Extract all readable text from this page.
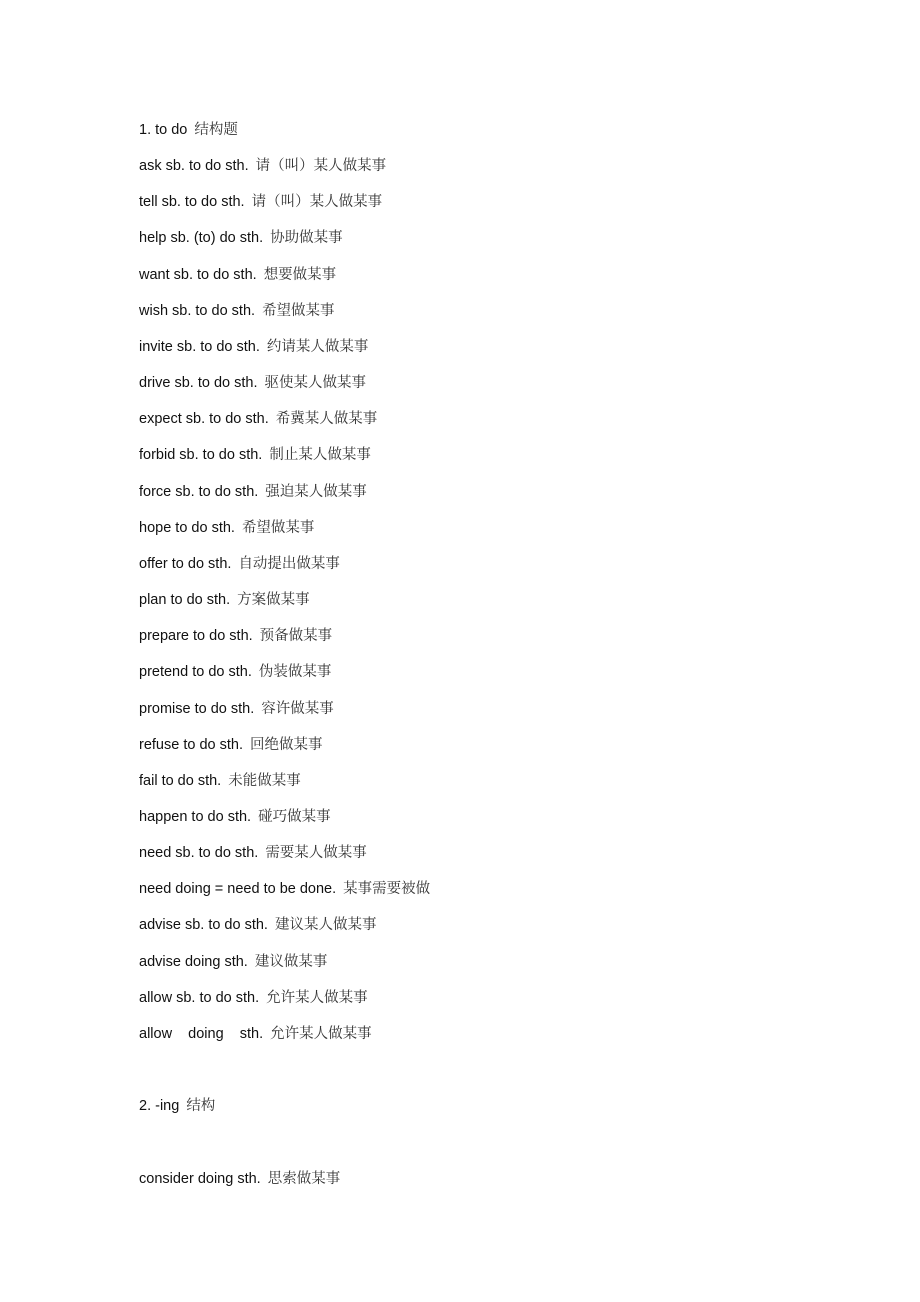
1. to do 结构题
ask sb. to do sth. 请（叫）某人做某事
tell sb. to do sth. 请（叫）某人做某事
help sb. (to) do sth. 协助做某事
want sb. to do sth. 想要做某事
wish sb. to do sth. 希望做某事
invite sb. to do sth. 约请某人做某事
drive sb. to do sth. 驱使某人做某事
expect sb. to do sth. 希冀某人做某事
forbid sb. to do sth. 制止某人做某事
force sb. to do sth. 强迫某人做某事
hope to do sth. 希望做某事
offer to do sth. 自动提出做某事
plan to do sth. 方案做某事
prepare to do sth. 预备做某事
pretend to do sth. 伪装做某事
promise to do sth. 容许做某事
refuse to do sth. 回绝做某事
fail to do sth. 未能做某事
happen to do sth. 碰巧做某事
need sb. to do sth. 需要某人做某事
need doing = need to be done. 某事需要被做
advise sb. to do sth. 建议某人做某事
advise doing sth. 建议做某事
allow sb. to do sth. 允许某人做某事
allow    doing    sth. 允许某人做某事
2. -ing 结构
consider doing sth. 思索做某事
